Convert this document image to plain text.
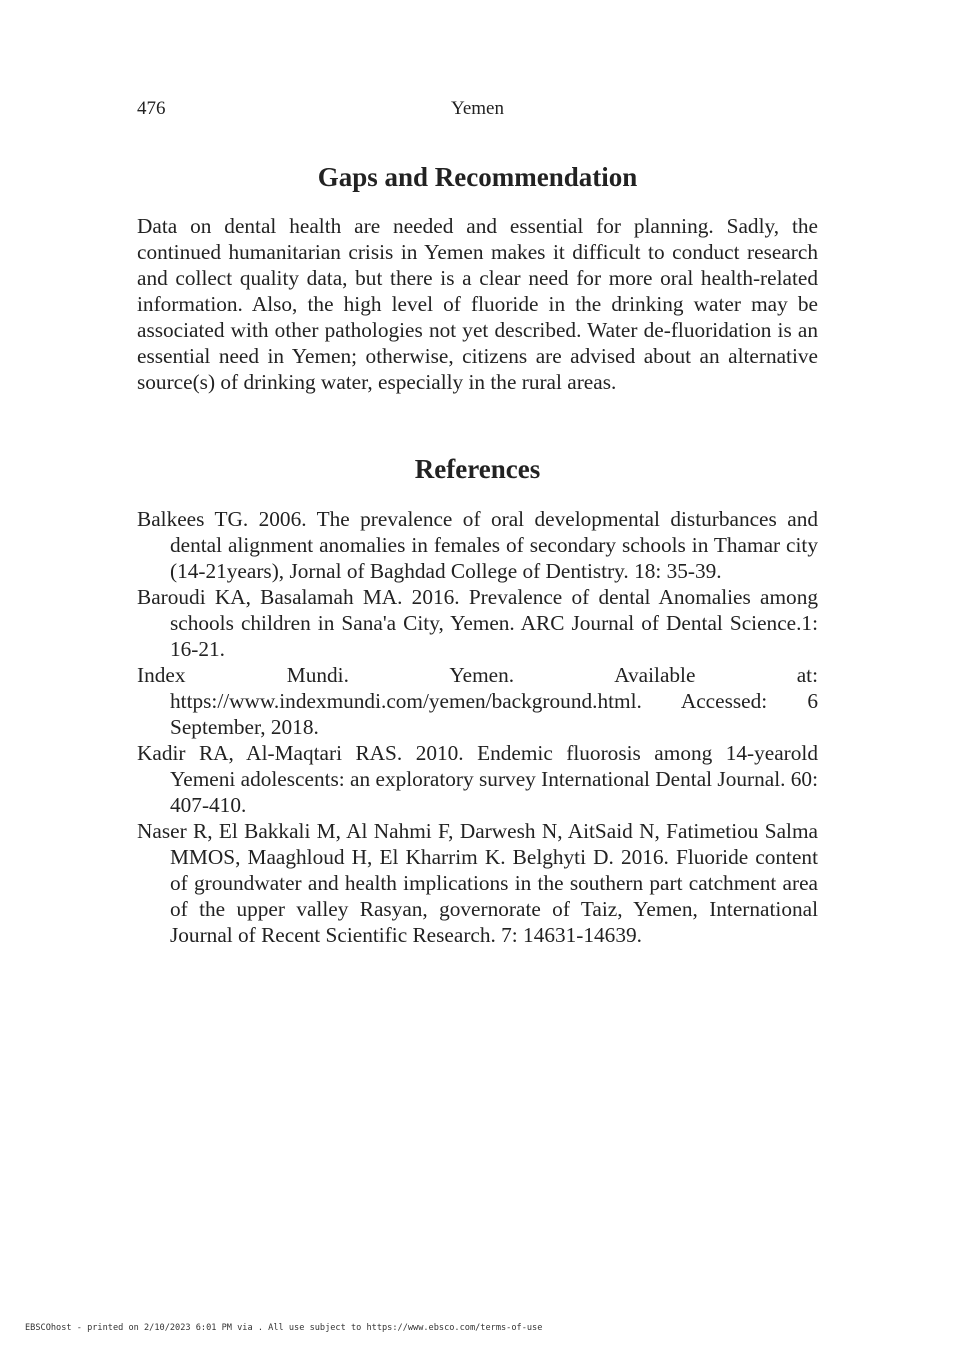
476	Yemen
Gaps and Recommendation

Data on dental health are needed and essential for planning. Sadly, the continued humanitarian crisis in Yemen makes it difficult to conduct research and collect quality data, but there is a clear need for more oral health-related information. Also, the high level of fluoride in the drinking water may be associated with other pathologies not yet described. Water de-fluoridation is an essential need in Yemen; otherwise, citizens are advised about an alternative source(s) of drinking water, especially in the rural areas.

References
Balkees TG. 2006. The prevalence of oral developmental disturbances and dental alignment anomalies in females of secondary schools in Thamar city (14-21years), Jornal of Baghdad College of Dentistry. 18: 35-39.
Baroudi KA, Basalamah MA. 2016. Prevalence of dental Anomalies among schools children in Sana'a City, Yemen. ARC Journal of Dental Science.1: 16-21.
Index Mundi. Yemen. Available at: https://www.indexmundi.com/yemen/background.html. Accessed: 6 September, 2018.
Kadir RA, Al-Maqtari RAS. 2010. Endemic fluorosis among 14-yearold Yemeni adolescents: an exploratory survey International Dental Journal. 60: 407-410.
Naser R, El Bakkali M, Al Nahmi F, Darwesh N, AitSaid N, Fatimetiou Salma MMOS, Maaghloud H, El Kharrim K. Belghyti D. 2016. Fluoride content of groundwater and health implications in the southern part catchment area of the upper valley Rasyan, governorate of Taiz, Yemen, International Journal of Recent Scientific Research. 7: 14631-14639.
EBSCOhost - printed on 2/10/2023 6:01 PM via . All use subject to https://www.ebsco.com/terms-of-use
